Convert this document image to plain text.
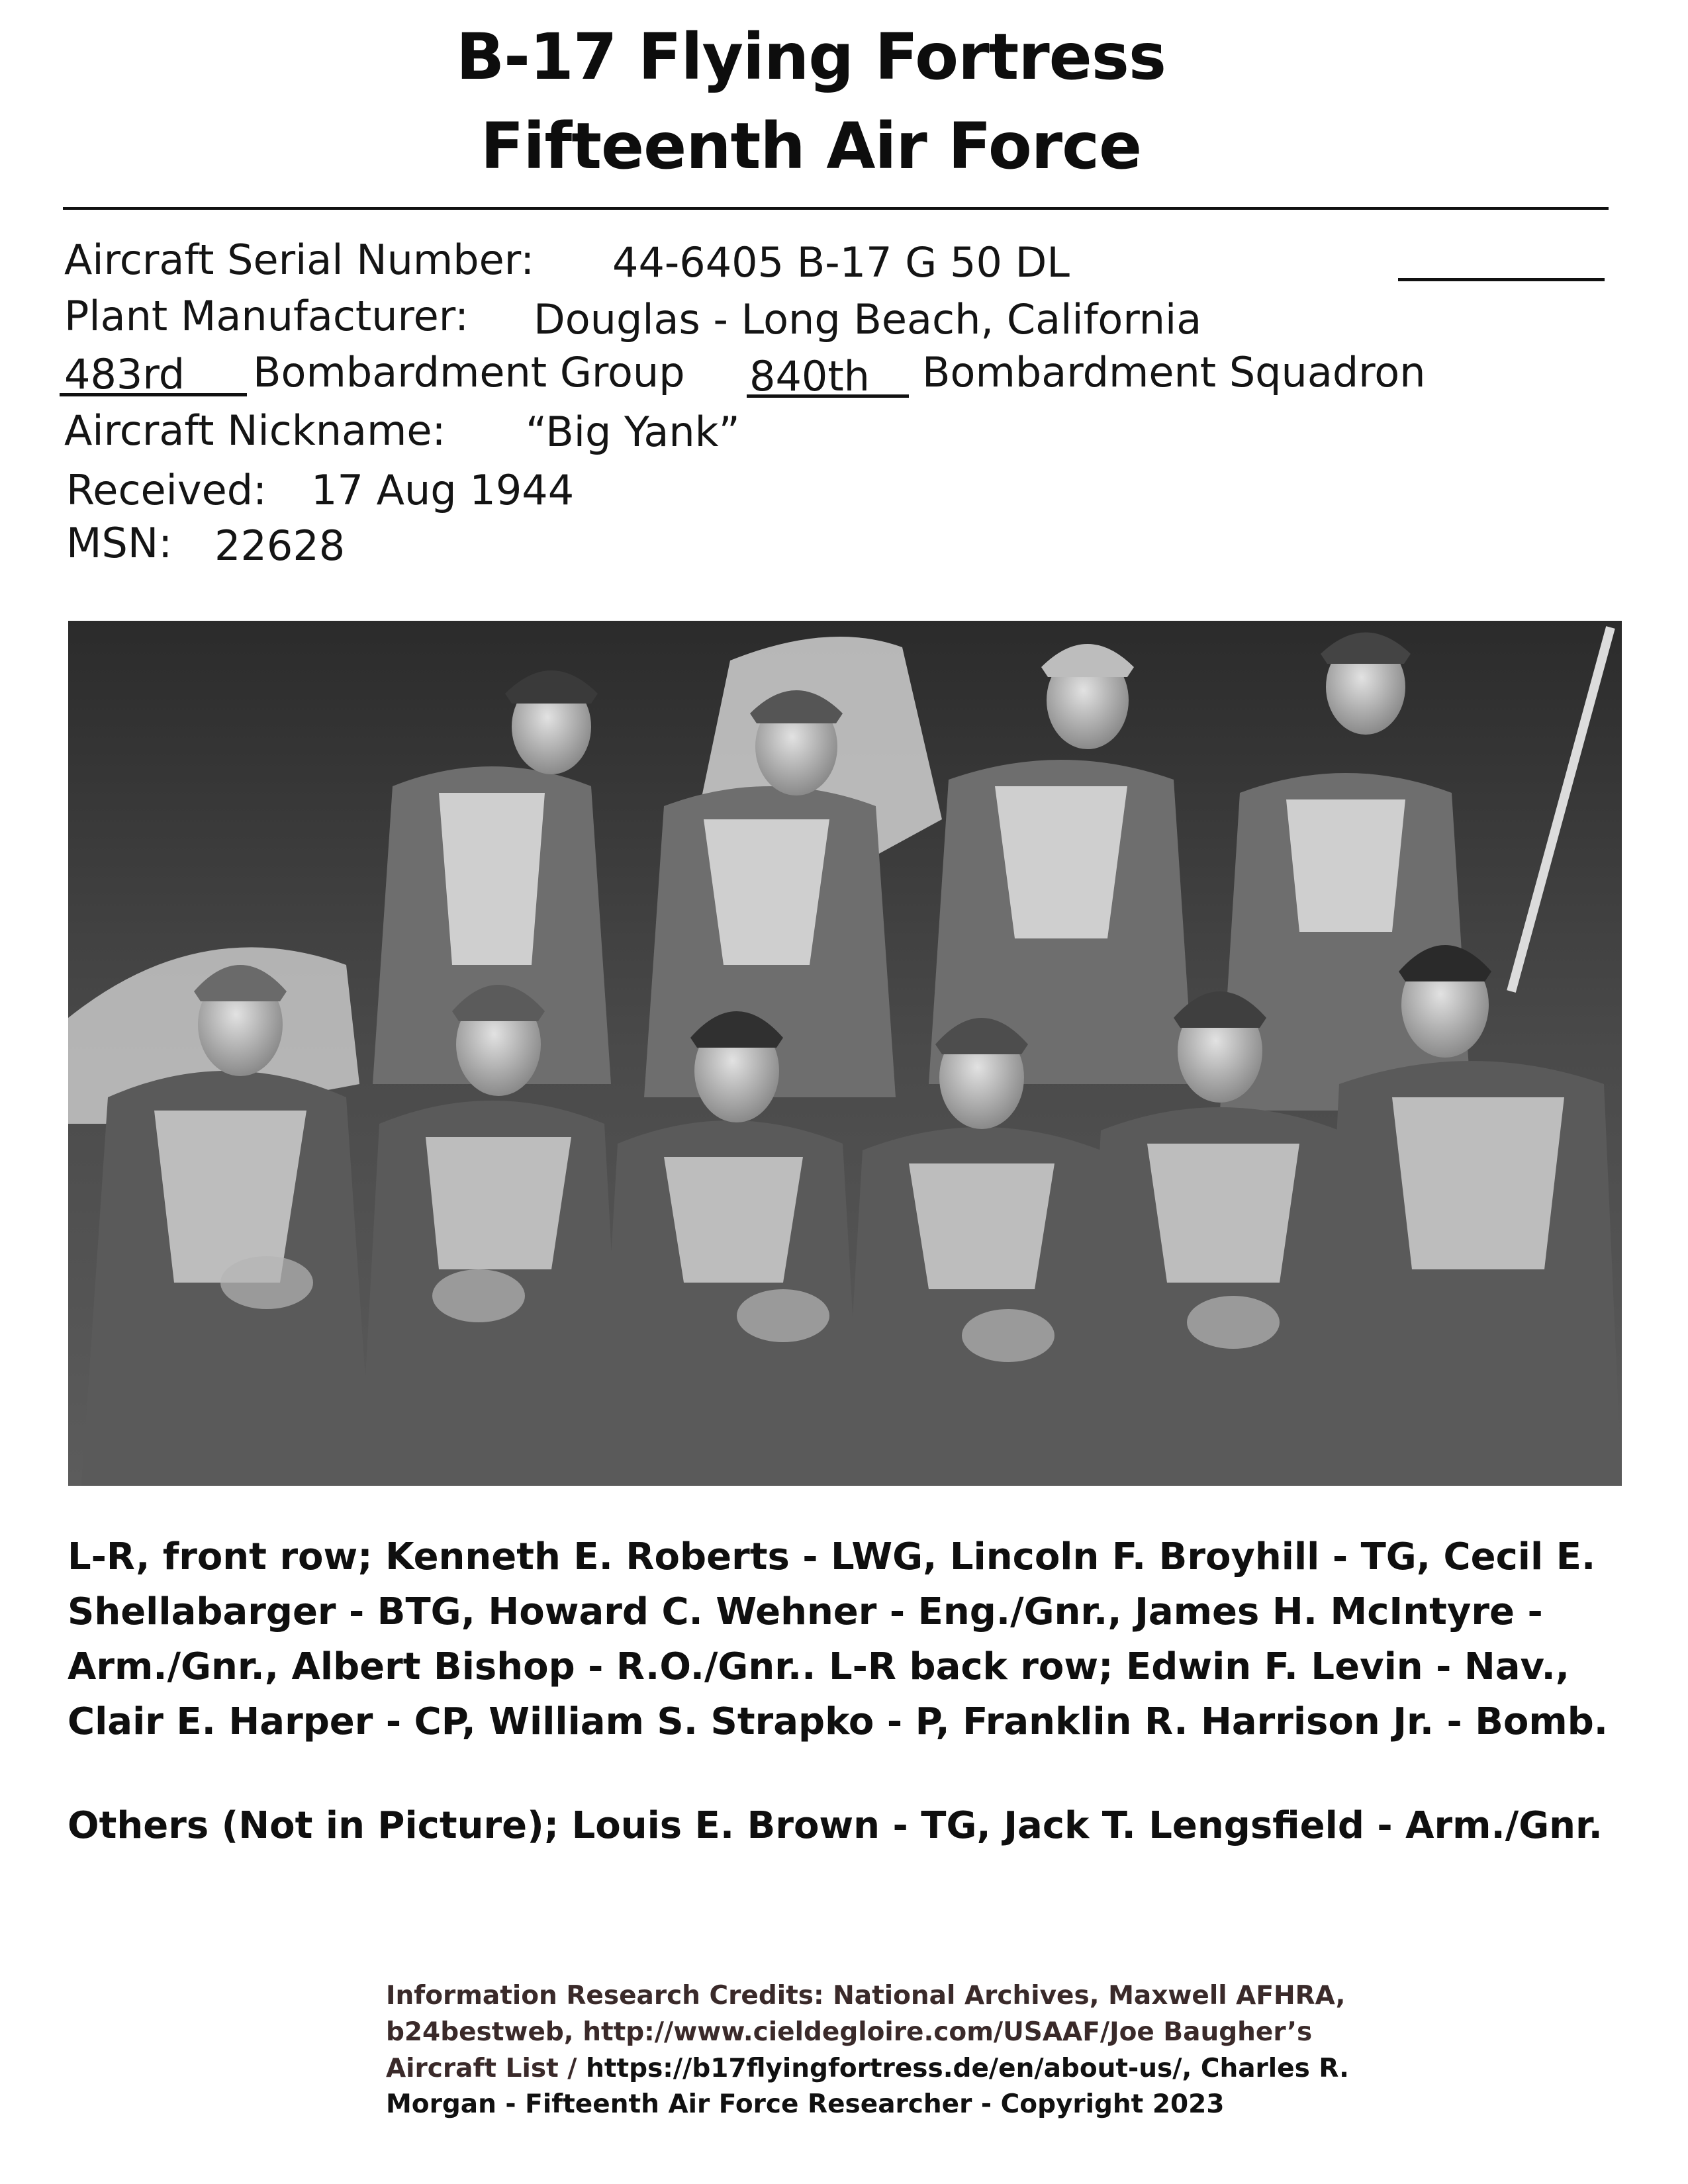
B-17 Flying Fortress
Fifteenth Air Force
Aircraft Serial Number: 44-6405 B-17 G 50 DL
Plant Manufacturer: Douglas - Long Beach, California
483rd Bombardment Group 840th Bombardment Squadron
Aircraft Nickname: “Big Yank”
Received: 17 Aug 1944
MSN: 22628
L-R, front row; Kenneth E. Roberts - LWG, Lincoln F. Broyhill - TG, Cecil E.
Shellabarger - BTG, Howard C. Wehner - Eng./Gnr., James H. McIntyre -
Arm./Gnr., Albert Bishop - R.O./Gnr.. L-R back row; Edwin F. Levin - Nav.,
Clair E. Harper - CP, William S. Strapko - P, Franklin R. Harrison Jr. - Bomb.
Others (Not in Picture); Louis E. Brown - TG, Jack T. Lengsfield - Arm./Gnr.
Information Research Credits: National Archives, Maxwell AFHRA,
b24bestweb, http://www.cieldegloire.com/USAAF/Joe Baugher’s
Aircraft List / https://b17flyingfortress.de/en/about-us/, Charles R.
Morgan - Fifteenth Air Force Researcher - Copyright 2023
